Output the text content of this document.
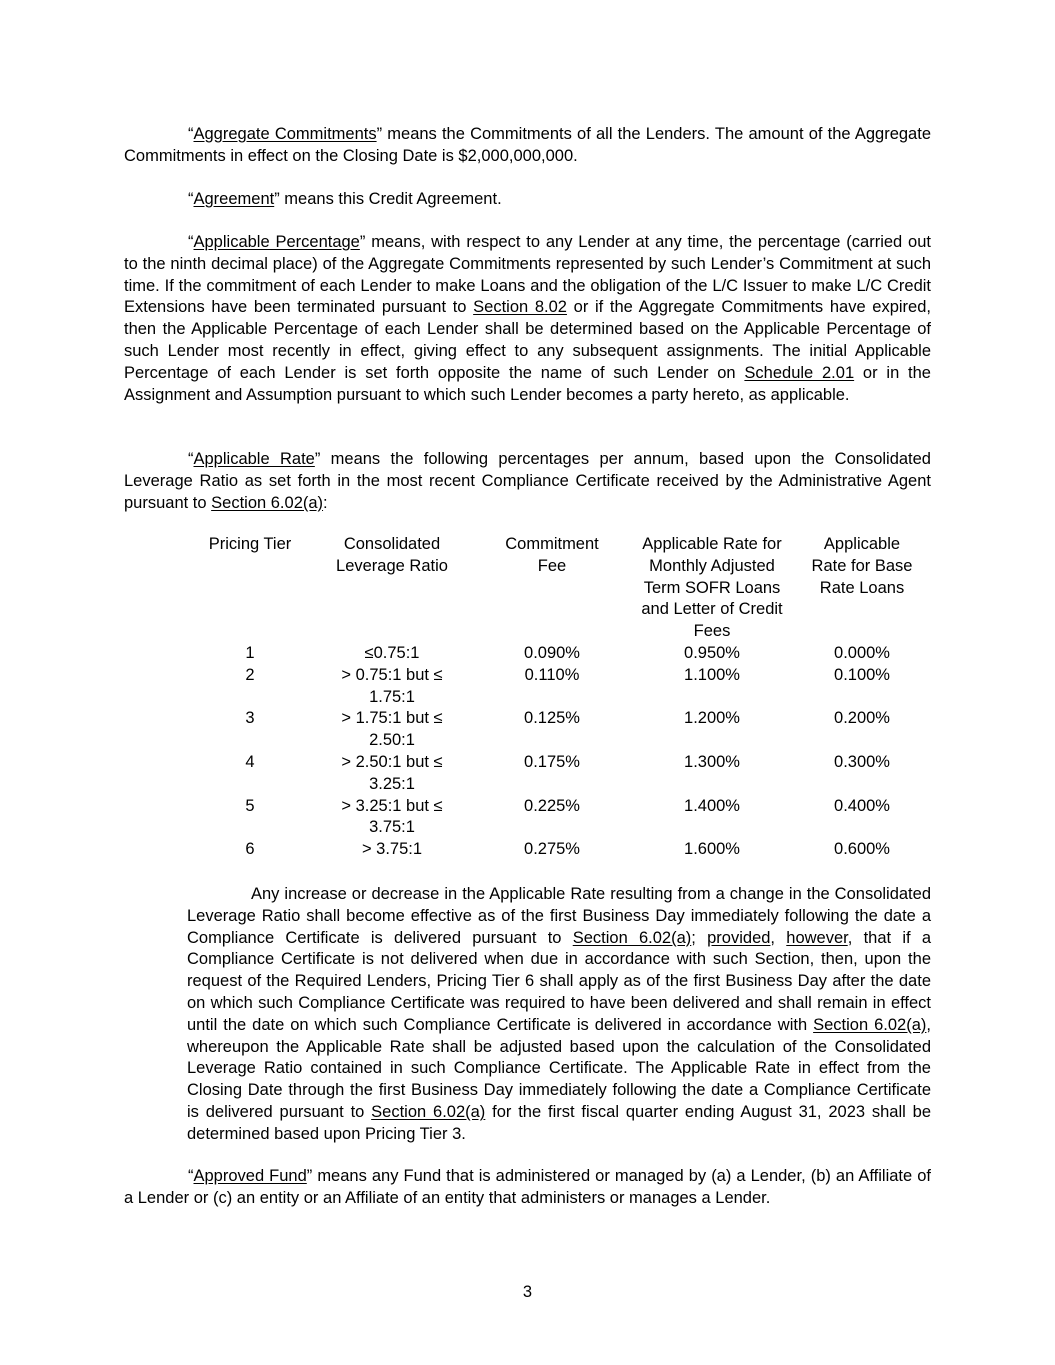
“Aggregate Commitments” means the Commitments of all the Lenders. The amount of the Aggregate Commitments in effect on the Closing Date is $2,000,000,000.

“Agreement” means this Credit Agreement.

“Applicable Percentage” means, with respect to any Lender at any time, the percentage (carried out to the ninth decimal place) of the Aggregate Commitments represented by such Lender’s Commitment at such time. If the commitment of each Lender to make Loans and the obligation of the L/C Issuer to make L/C Credit Extensions have been terminated pursuant to Section 8.02 or if the Aggregate Commitments have expired, then the Applicable Percentage of each Lender shall be determined based on the Applicable Percentage of such Lender most recently in effect, giving effect to any subsequent assignments. The initial Applicable Percentage of each Lender is set forth opposite the name of such Lender on Schedule 2.01 or in the Assignment and Assumption pursuant to which such Lender becomes a party hereto, as applicable.

“Applicable Rate” means the following percentages per annum, based upon the Consolidated Leverage Ratio as set forth in the most recent Compliance Certificate received by the Administrative Agent pursuant to Section 6.02(a):

Pricing Tier	Consolidated Leverage Ratio	Commitment Fee	Applicable Rate for Monthly Adjusted Term SOFR Loans and Letter of Credit Fees	Applicable Rate for Base Rate Loans

1	≤0.75:1	0.090%	0.950%	0.000%
2	> 0.75:1 but ≤ 1.75:1	0.110%	1.100%	0.100%
3	> 1.75:1 but ≤ 2.50:1	0.125%	1.200%	0.200%
4	> 2.50:1 but ≤ 3.25:1	0.175%	1.300%	0.300%
5	> 3.25:1 but ≤ 3.75:1	0.225%	1.400%	0.400%
6	> 3.75:1	0.275%	1.600%	0.600%

Any increase or decrease in the Applicable Rate resulting from a change in the Consolidated Leverage Ratio shall become effective as of the first Business Day immediately following the date a Compliance Certificate is delivered pursuant to Section 6.02(a); provided, however, that if a Compliance Certificate is not delivered when due in accordance with such Section, then, upon the request of the Required Lenders, Pricing Tier 6 shall apply as of the first Business Day after the date on which such Compliance Certificate was required to have been delivered and shall remain in effect until the date on which such Compliance Certificate is delivered in accordance with Section 6.02(a), whereupon the Applicable Rate shall be adjusted based upon the calculation of the Consolidated Leverage Ratio contained in such Compliance Certificate. The Applicable Rate in effect from the Closing Date through the first Business Day immediately following the date a Compliance Certificate is delivered pursuant to Section 6.02(a) for the first fiscal quarter ending August 31, 2023 shall be determined based upon Pricing Tier 3.

“Approved Fund” means any Fund that is administered or managed by (a) a Lender, (b) an Affiliate of a Lender or (c) an entity or an Affiliate of an entity that administers or manages a Lender.

3
